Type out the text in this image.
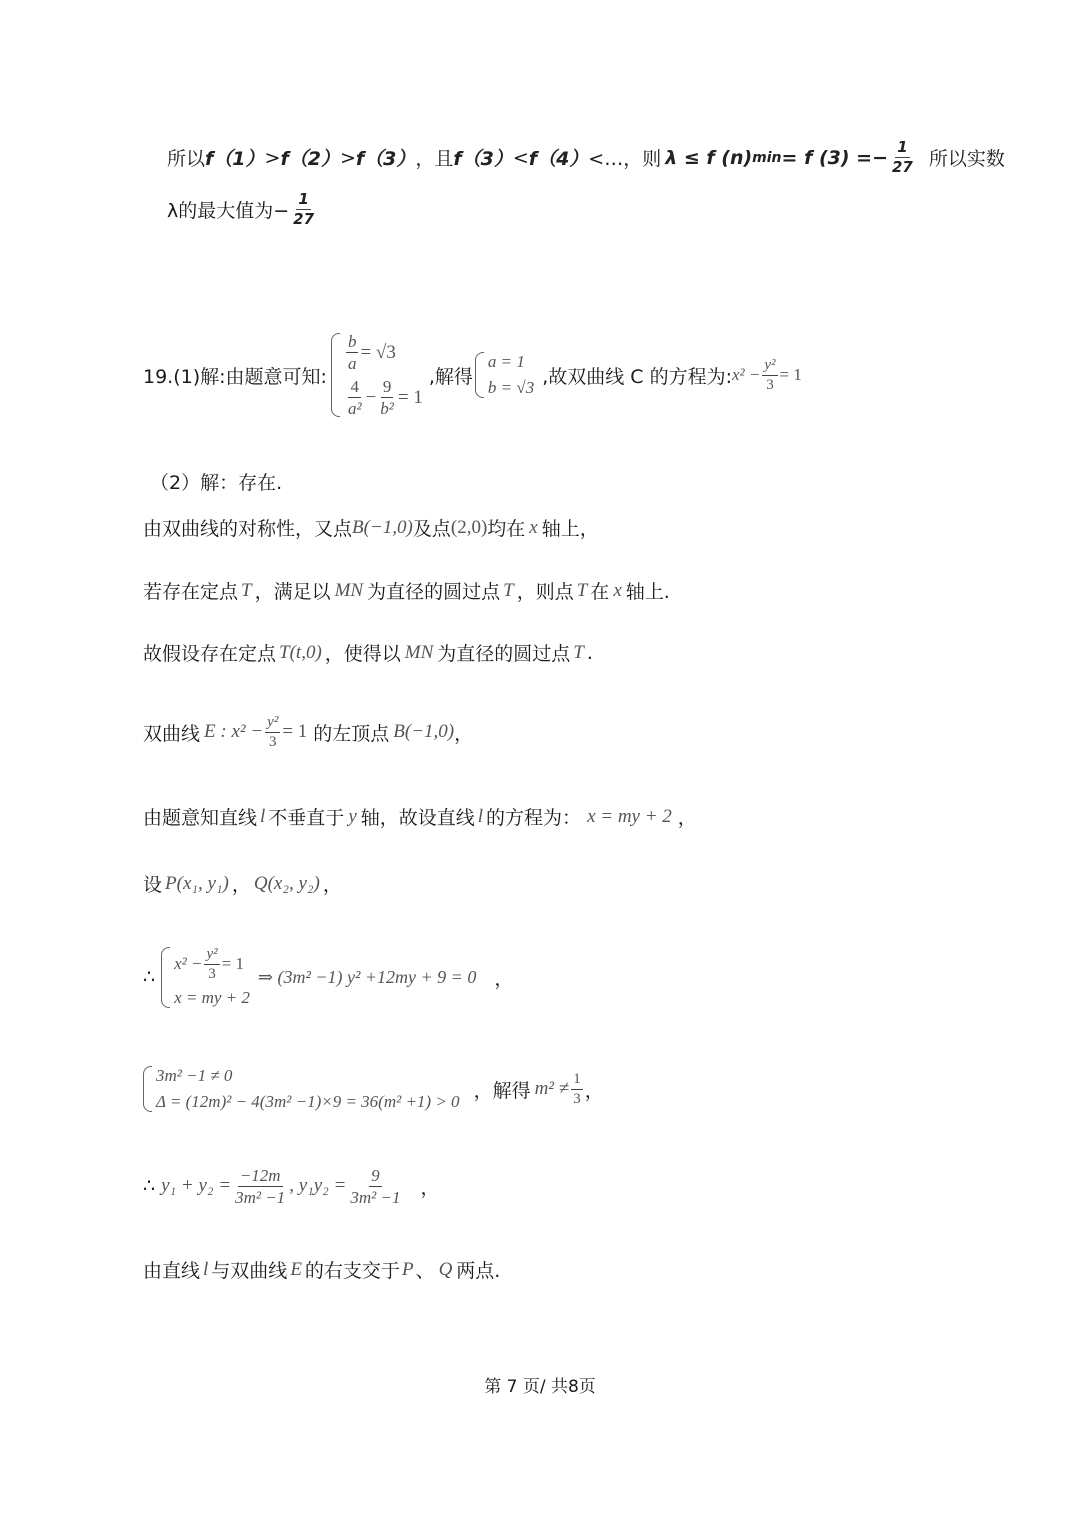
所以 f（1） > f（2） > f（3） ，且 f（3） < f（4） <…，则 λ ≤ f (n) min = f $(3) =- \frac{1}{27}$ 所以实数
λ的最大值为− $\frac{1}{27}$
19.(1)解:由题意可知:
$\frac{b}{a} = √3$
$\frac{4}{\text{a²}} - \frac{9}{\text{b²}} = 1$
,解得
a = 1
b = √3 ,故双曲线 C 的方程为: $x^2 - \frac{\text{y²}}{3} = 1$
（2）解：存在.
由双曲线的对称性，又点 B(−1,0) 及点 (2,0) 均在 x 轴上，
若存在定点 T ，满足以 MN 为直径的圆过点 T ，则点 T 在 x 轴上.
故假设存在定点 T(t,0) ，使得以 MN 为直径的圆过点 T .
双曲线 E : $x^2 - \frac{\text{y²}}{3} = 1$ 的左顶点 B(−1,0) ，
由题意知直线 l 不垂直于 y 轴，故设直线 l 的方程为： x = my + 2 ，
设 P(x₁, y₁) ， Q(x₂, y₂) ，
∴
$x^2 - \frac{\text{y²}}{3} = 1$
x = my + 2
⇒ (3m² −1) y² +12my + 9 = 0 ，
3m² −1 ≠ 0
Δ = (12m)² − 4(3m² −1)×9 = 36(m² +1) > 0 ，解得 $m^2 \ne \frac{1}{3}$ ，
∴ $y_1 + y_2 = \frac{-12m}{\text{3m² −1}}$ , $y_1y_2 = \frac{9}{\text{3m² −1}}$ ，
由直线 l 与双曲线 E 的右支交于 P 、 Q 两点.
第 7 页/ 共8页
